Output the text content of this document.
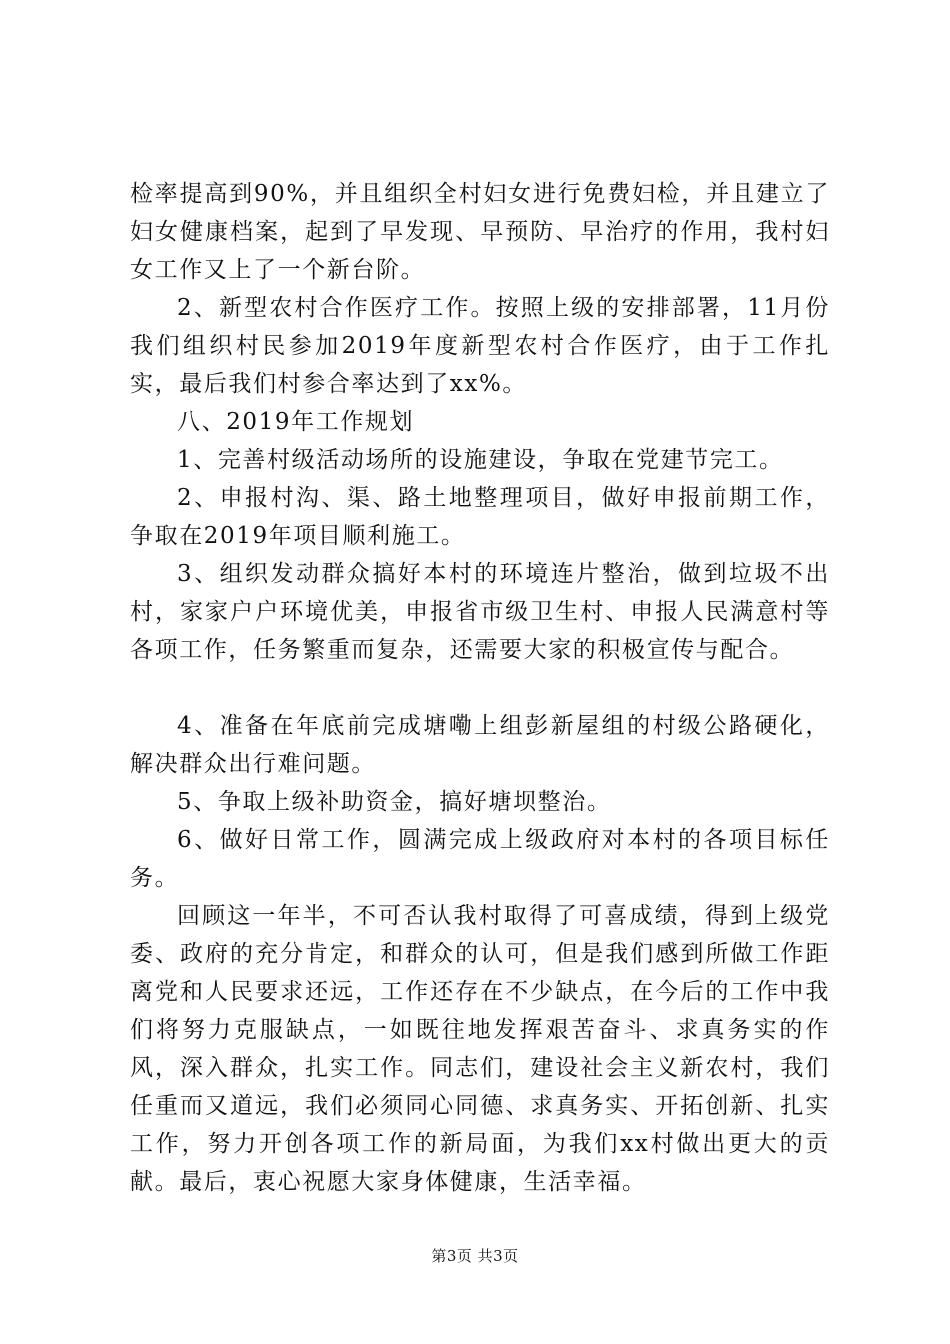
检率提高到90%，并且组织全村妇女进行免费妇检，并且建立了妇女健康档案，起到了早发现、早预防、早治疗的作用，我村妇女工作又上了一个新台阶。

2、新型农村合作医疗工作。按照上级的安排部署，11月份我们组织村民参加2019年度新型农村合作医疗，由于工作扎实，最后我们村参合率达到了xx%。

八、2019年工作规划

1、完善村级活动场所的设施建设，争取在党建节完工。

2、申报村沟、渠、路土地整理项目，做好申报前期工作，争取在2019年项目顺利施工。

3、组织发动群众搞好本村的环境连片整治，做到垃圾不出村，家家户户环境优美，申报省市级卫生村、申报人民满意村等各项工作，任务繁重而复杂，还需要大家的积极宣传与配合。

4、准备在年底前完成塘嘞上组彭新屋组的村级公路硬化，解决群众出行难问题。

5、争取上级补助资金，搞好塘坝整治。

6、做好日常工作，圆满完成上级政府对本村的各项目标任务。

回顾这一年半，不可否认我村取得了可喜成绩，得到上级党委、政府的充分肯定，和群众的认可，但是我们感到所做工作距离党和人民要求还远，工作还存在不少缺点，在今后的工作中我们将努力克服缺点，一如既往地发挥艰苦奋斗、求真务实的作风，深入群众，扎实工作。同志们，建设社会主义新农村，我们任重而又道远，我们必须同心同德、求真务实、开拓创新、扎实工作，努力开创各项工作的新局面，为我们xx村做出更大的贡献。最后，衷心祝愿大家身体健康，生活幸福。

第3页 共3页
